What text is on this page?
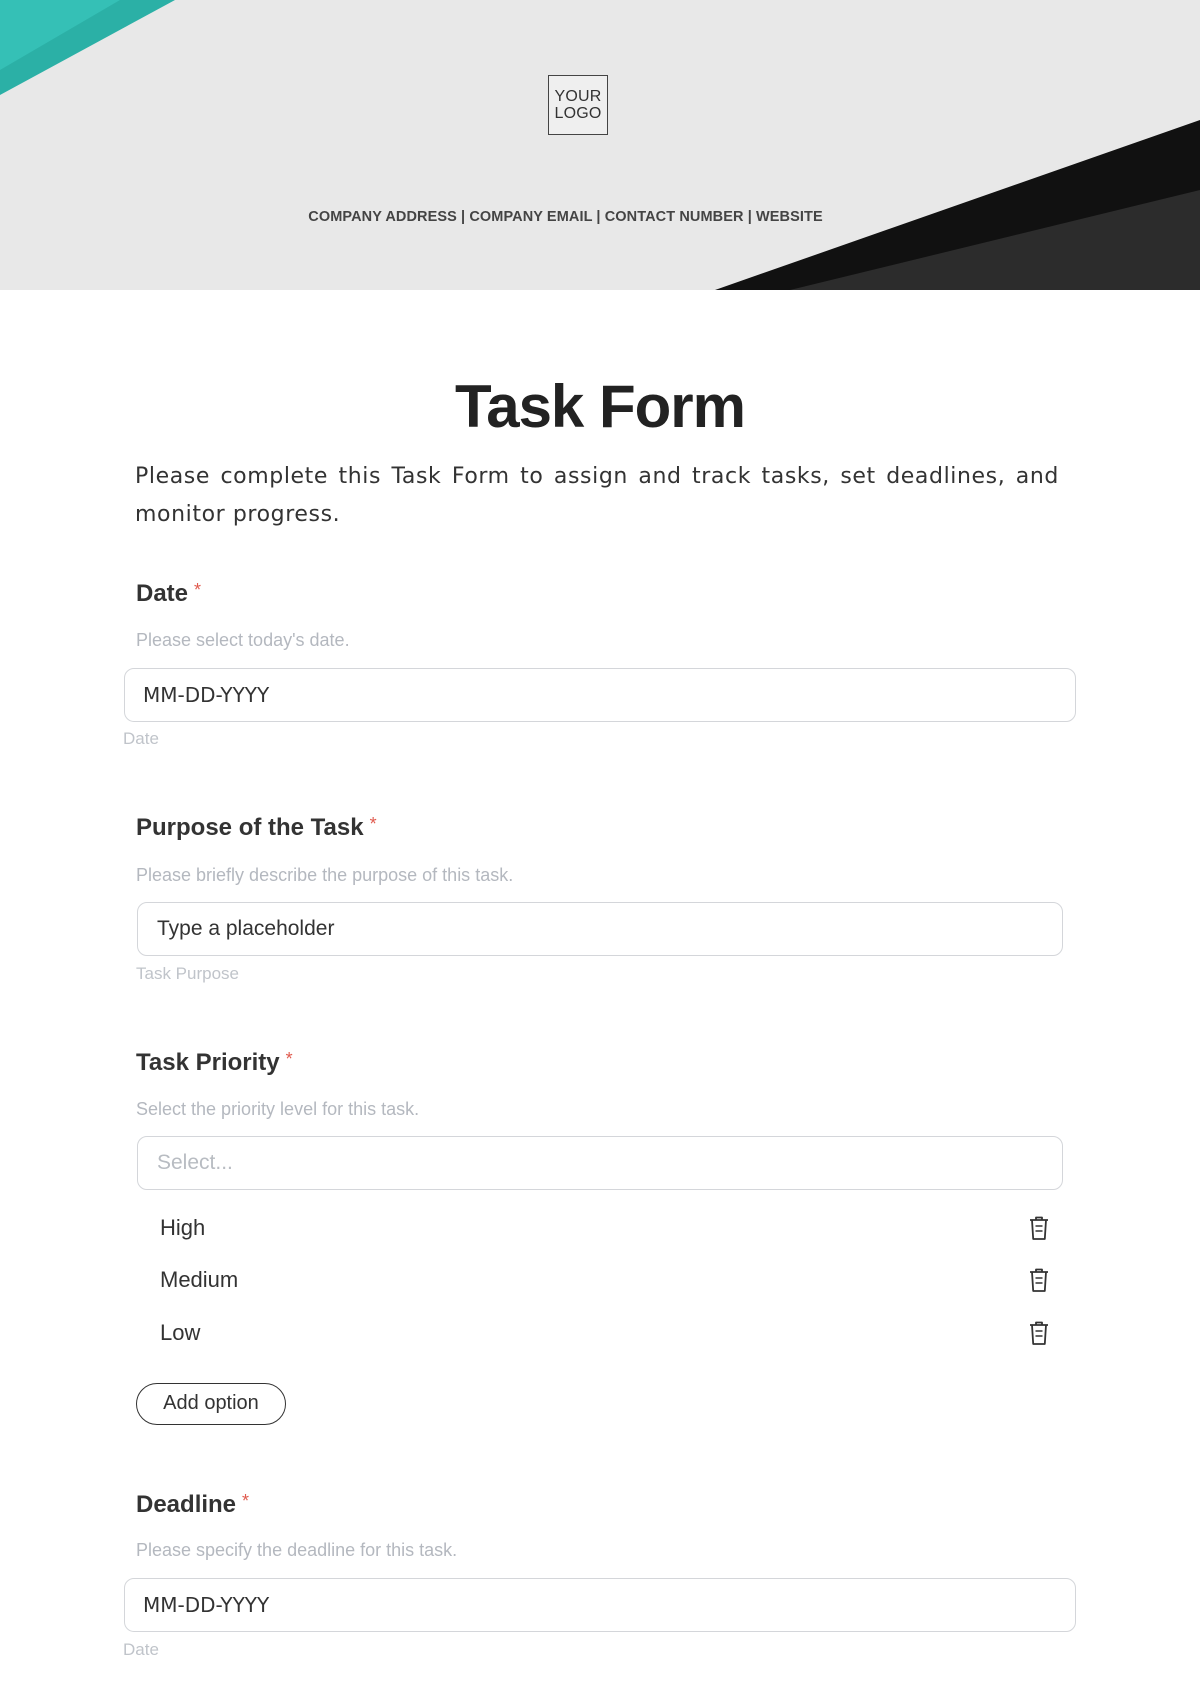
YOUR
LOGO
COMPANY ADDRESS | COMPANY EMAIL | CONTACT NUMBER | WEBSITE
Task Form
Please complete this Task Form to assign and track tasks, set deadlines, and monitor progress.
Date *
Please select today's date.
MM-DD-YYYY
Date
Purpose of the Task *
Please briefly describe the purpose of this task.
Type a placeholder
Task Purpose
Task Priority *
Select the priority level for this task.
Select...
High
Medium
Low
Add option
Deadline *
Please specify the deadline for this task.
MM-DD-YYYY
Date
